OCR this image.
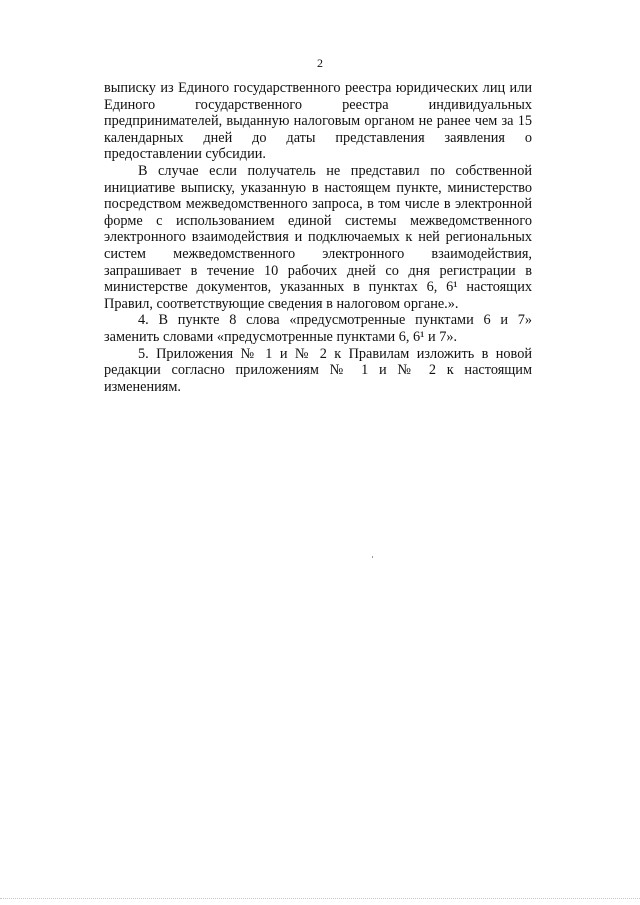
2

выписку из Единого государственного реестра юридических лиц или Единого государственного реестра индивидуальных предпринимателей, выданную налоговым органом не ранее чем за 15 календарных дней до даты представления заявления о предоставлении субсидии.

В случае если получатель не представил по собственной инициативе выписку, указанную в настоящем пункте, министерство посредством межведомственного запроса, в том числе в электронной форме с использованием единой системы межведомственного электронного взаимодействия и подключаемых к ней региональных систем межведомственного электронного взаимодействия, запрашивает в течение 10 рабочих дней со дня регистрации в министерстве документов, указанных в пунктах 6, 6¹ настоящих Правил, соответствующие сведения в налоговом органе.».

4. В пункте 8 слова «предусмотренные пунктами 6 и 7» заменить словами «предусмотренные пунктами 6, 6¹ и 7».

5. Приложения № 1 и № 2 к Правилам изложить в новой редакции согласно приложениям № 1 и № 2 к настоящим изменениям.
